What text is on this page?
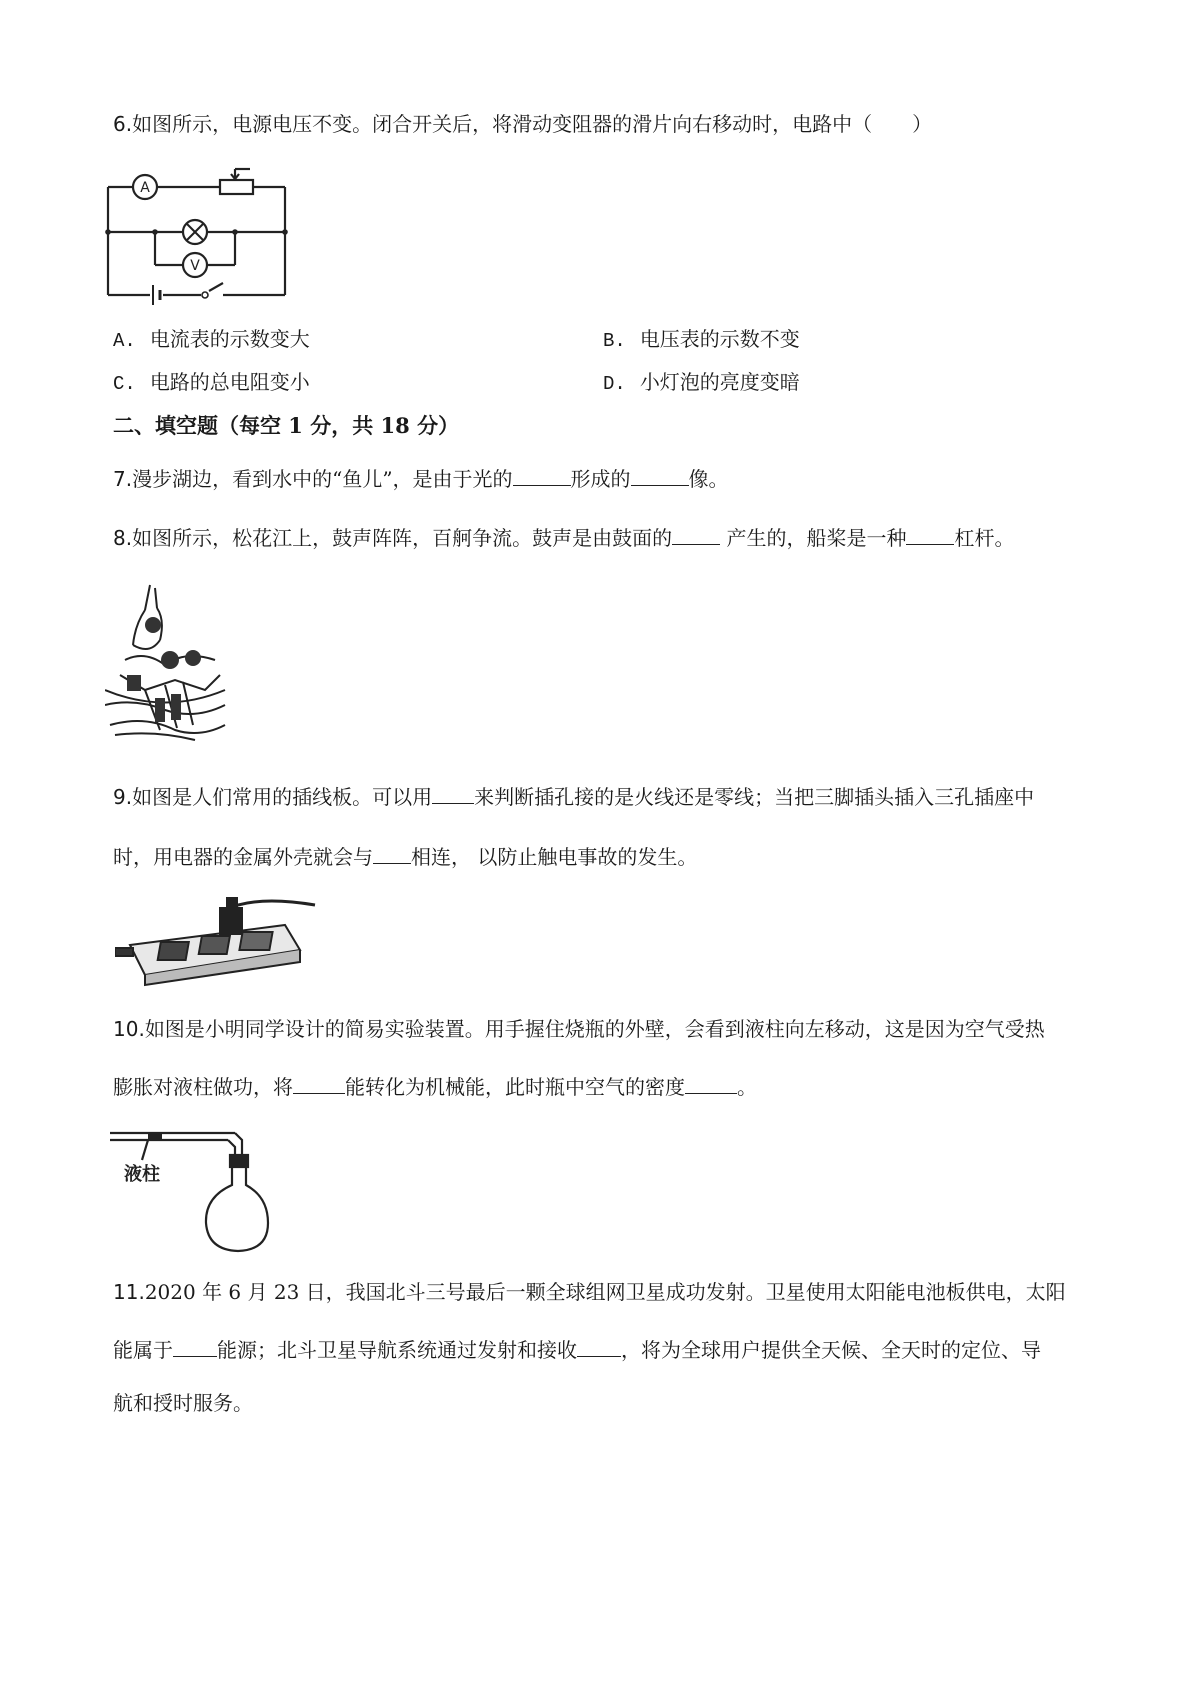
6.如图所示，电源电压不变。闭合开关后，将滑动变阻器的滑片向右移动时，电路中（　　）
A
V
A. 电流表的示数变大	B. 电压表的示数不变
C. 电路的总电阻变小	D. 小灯泡的亮度变暗
二、填空题（每空 1 分，共 18 分）
7.漫步湖边，看到水中的“鱼儿”，是由于光的	形成的	像。
8.如图所示，松花江上，鼓声阵阵，百舸争流。鼓声是由鼓面的 产生的，船桨是一种 杠杆。
9.如图是人们常用的插线板。可以用 来判断插孔接的是火线还是零线；当把三脚插头插入三孔插座中
时，用电器的金属外壳就会与 相连， 以防止触电事故的发生。
10.如图是小明同学设计的简易实验装置。用手握住烧瓶的外壁，会看到液柱向左移动，这是因为空气受热
膨胀对液柱做功，将	能转化为机械能，此时瓶中空气的密度	。
液柱
11.2020 年 6 月 23 日，我国北斗三号最后一颗全球组网卫星成功发射。卫星使用太阳能电池板供电，太阳
能属于 能源；北斗卫星导航系统通过发射和接收 ，将为全球用户提供全天候、全天时的定位、导
航和授时服务。
